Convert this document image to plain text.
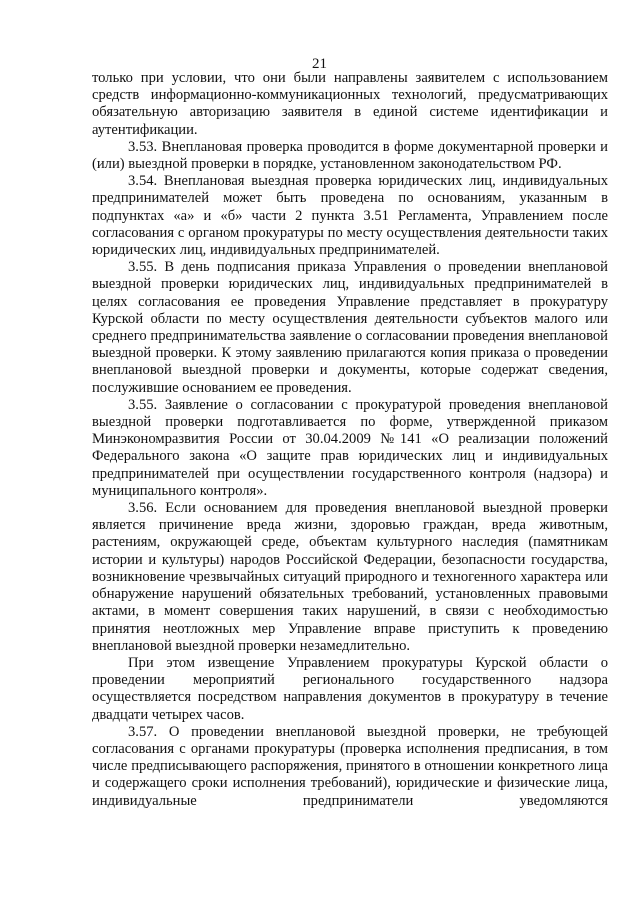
21

только при условии, что они были направлены заявителем с использованием средств информационно-коммуникационных технологий, предусматривающих обязательную авторизацию заявителя в единой системе идентификации и аутентификации.

3.53. Внеплановая проверка проводится в форме документарной проверки и (или) выездной проверки в порядке, установленном законодательством РФ.

3.54. Внеплановая выездная проверка юридических лиц, индивидуальных предпринимателей может быть проведена по основаниям, указанным в подпунктах «а» и «б» части 2 пункта 3.51 Регламента, Управлением после согласования с органом прокуратуры по месту осуществления деятельности таких юридических лиц, индивидуальных предпринимателей.

3.55. В день подписания приказа Управления о проведении внеплановой выездной проверки юридических лиц, индивидуальных предпринимателей в целях согласования ее проведения Управление представляет в прокуратуру Курской области по месту осуществления деятельности субъектов малого или среднего предпринимательства заявление о согласовании проведения внеплановой выездной проверки. К этому заявлению прилагаются копия приказа о проведении внеплановой выездной проверки и документы, которые содержат сведения, послужившие основанием ее проведения.

3.55. Заявление о согласовании с прокуратурой проведения внеплановой выездной проверки подготавливается по форме, утвержденной приказом Минэкономразвития России от 30.04.2009 №141 «О реализации положений Федерального закона «О защите прав юридических лиц и индивидуальных предпринимателей при осуществлении государственного контроля (надзора) и муниципального контроля».

3.56. Если основанием для проведения внеплановой выездной проверки является причинение вреда жизни, здоровью граждан, вреда животным, растениям, окружающей среде, объектам культурного наследия (памятникам истории и культуры) народов Российской Федерации, безопасности государства, возникновение чрезвычайных ситуаций природного и техногенного характера или обнаружение нарушений обязательных требований, установленных правовыми актами, в момент совершения таких нарушений, в связи с необходимостью принятия неотложных мер Управление вправе приступить к проведению внеплановой выездной проверки незамедлительно.

При этом извещение Управлением прокуратуры Курской области о проведении мероприятий регионального государственного надзора осуществляется посредством направления документов в прокуратуру в течение двадцати четырех часов.

3.57. О проведении внеплановой выездной проверки, не требующей согласования с органами прокуратуры (проверка исполнения предписания, в том числе предписывающего распоряжения, принятого в отношении конкретного лица и содержащего сроки исполнения требований), юридические и физические лица, индивидуальные предприниматели уведомляются
